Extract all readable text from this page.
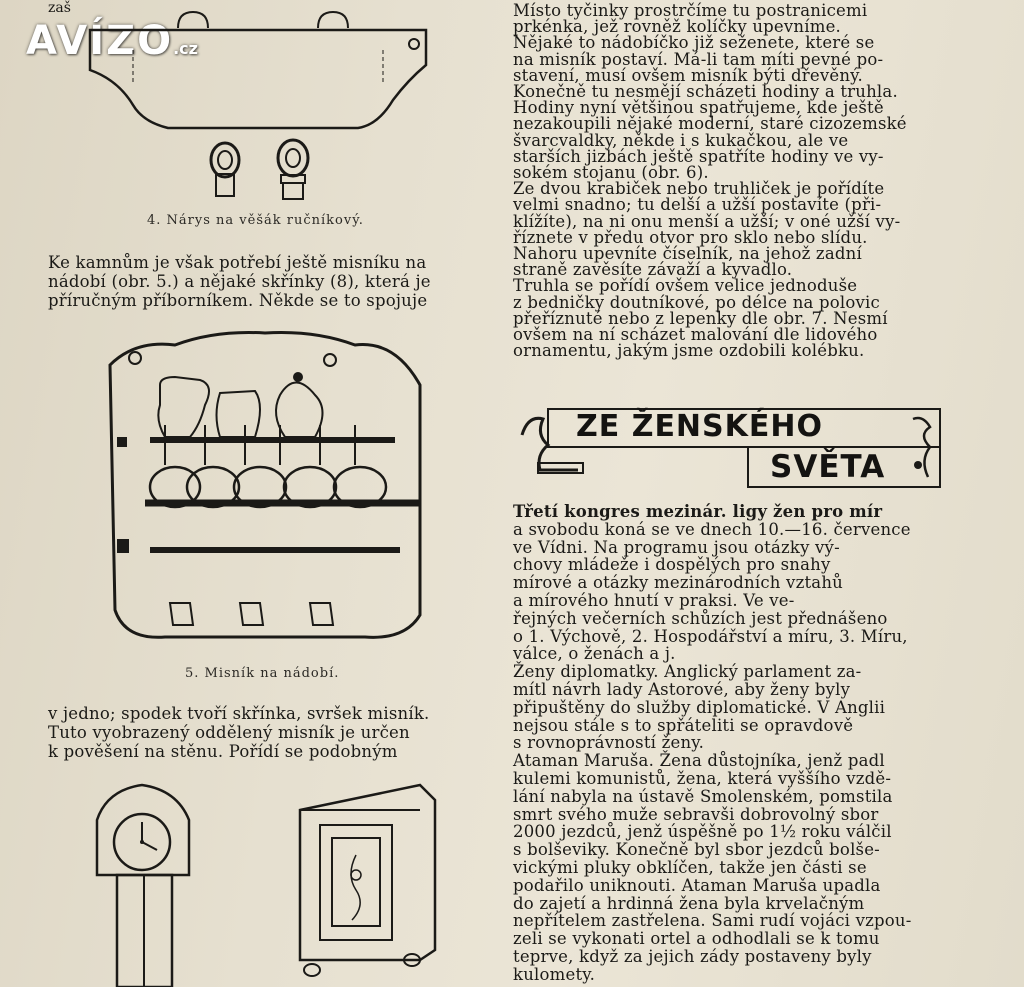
AVÍZO.cz
4. Nárys na věšák ručníkový.
Ke kamnům je však potřebí ještě misníku na
nádobí (obr. 5.) a nějaké skřínky (8), která je
příručným příborníkem. Někde se to spojuje
5. Misník na nádobí.
v jedno; spodek tvoří skřínka, svršek misník.
Tuto vyobrazený oddělený misník je určen
k pověšení na stěnu. Pořídí se podobným
Místo tyčinky prostrčíme tu postranicemi
prkénka, jež rovněž kolíčky upevníme.
Nějaké to nádobíčko již seženete, které se
na misník postaví. Má-li tam míti pevné po-
stavení, musí ovšem misník býti dřevěný.
Konečně tu nesmějí scházeti hodiny a truhla.
Hodiny nyní většinou spatřujeme, kde ještě
nezakoupili nějaké moderní, staré cizozemské
švarcvaldky, někde i s kukačkou, ale ve
starších jizbách ještě spatříte hodiny ve vy-
sokém stojanu (obr. 6).
Ze dvou krabiček nebo truhliček je pořídíte
velmi snadno; tu delší a užší postavíte (při-
klížíte), na ni onu menší a užší; v oné užší vy-
říznete v předu otvor pro sklo nebo slídu.
Nahoru upevníte číselník, na jehož zadní
straně zavěsíte závaží a kyvadlo.
Truhla se pořídí ovšem velice jednoduše
z bedničky doutníkové, po délce na polovic
přeříznuté nebo z lepenky dle obr. 7. Nesmí
ovšem na ní scházet malování dle lidového
ornamentu, jakým jsme ozdobili kolébku.
ZE ŽENSKÉHO
SVĚTA
Třetí kongres mezinár. ligy žen pro mír
a svobodu koná se ve dnech 10.—16. července
ve Vídni. Na programu jsou otázky vý-
chovy mládeže i dospělých pro snahy
mírové a otázky mezinárodních vztahů
a mírového hnutí v praksi. Ve ve-
řejných večerních schůzích jest přednášeno
o 1. Výchově, 2. Hospodářství a míru, 3. Míru,
válce, o ženách a j.
Ženy diplomatky. Anglický parlament za-
mítl návrh lady Astorové, aby ženy byly
připuštěny do služby diplomatické. V Anglii
nejsou stále s to spřáteliti se opravdově
s rovnoprávností ženy.
Ataman Maruša. Žena důstojníka, jenž padl
kulemi komunistů, žena, která vyššího vzdě-
lání nabyla na ústavě Smolenském, pomstila
smrt svého muže sebravši dobrovolný sbor
2000 jezdců, jenž úspěšně po 1½ roku válčil
s bolševiky. Konečně byl sbor jezdců bolše-
vickými pluky obklíčen, takže jen části se
podařilo uniknouti. Ataman Maruša upadla
do zajetí a hrdinná žena byla krvelačným
nepřítelem zastřelena. Sami rudí vojáci vzpou-
zeli se vykonati ortel a odhodlali se k tomu
teprve, když za jejich zády postaveny byly
kulomety.
zaš
